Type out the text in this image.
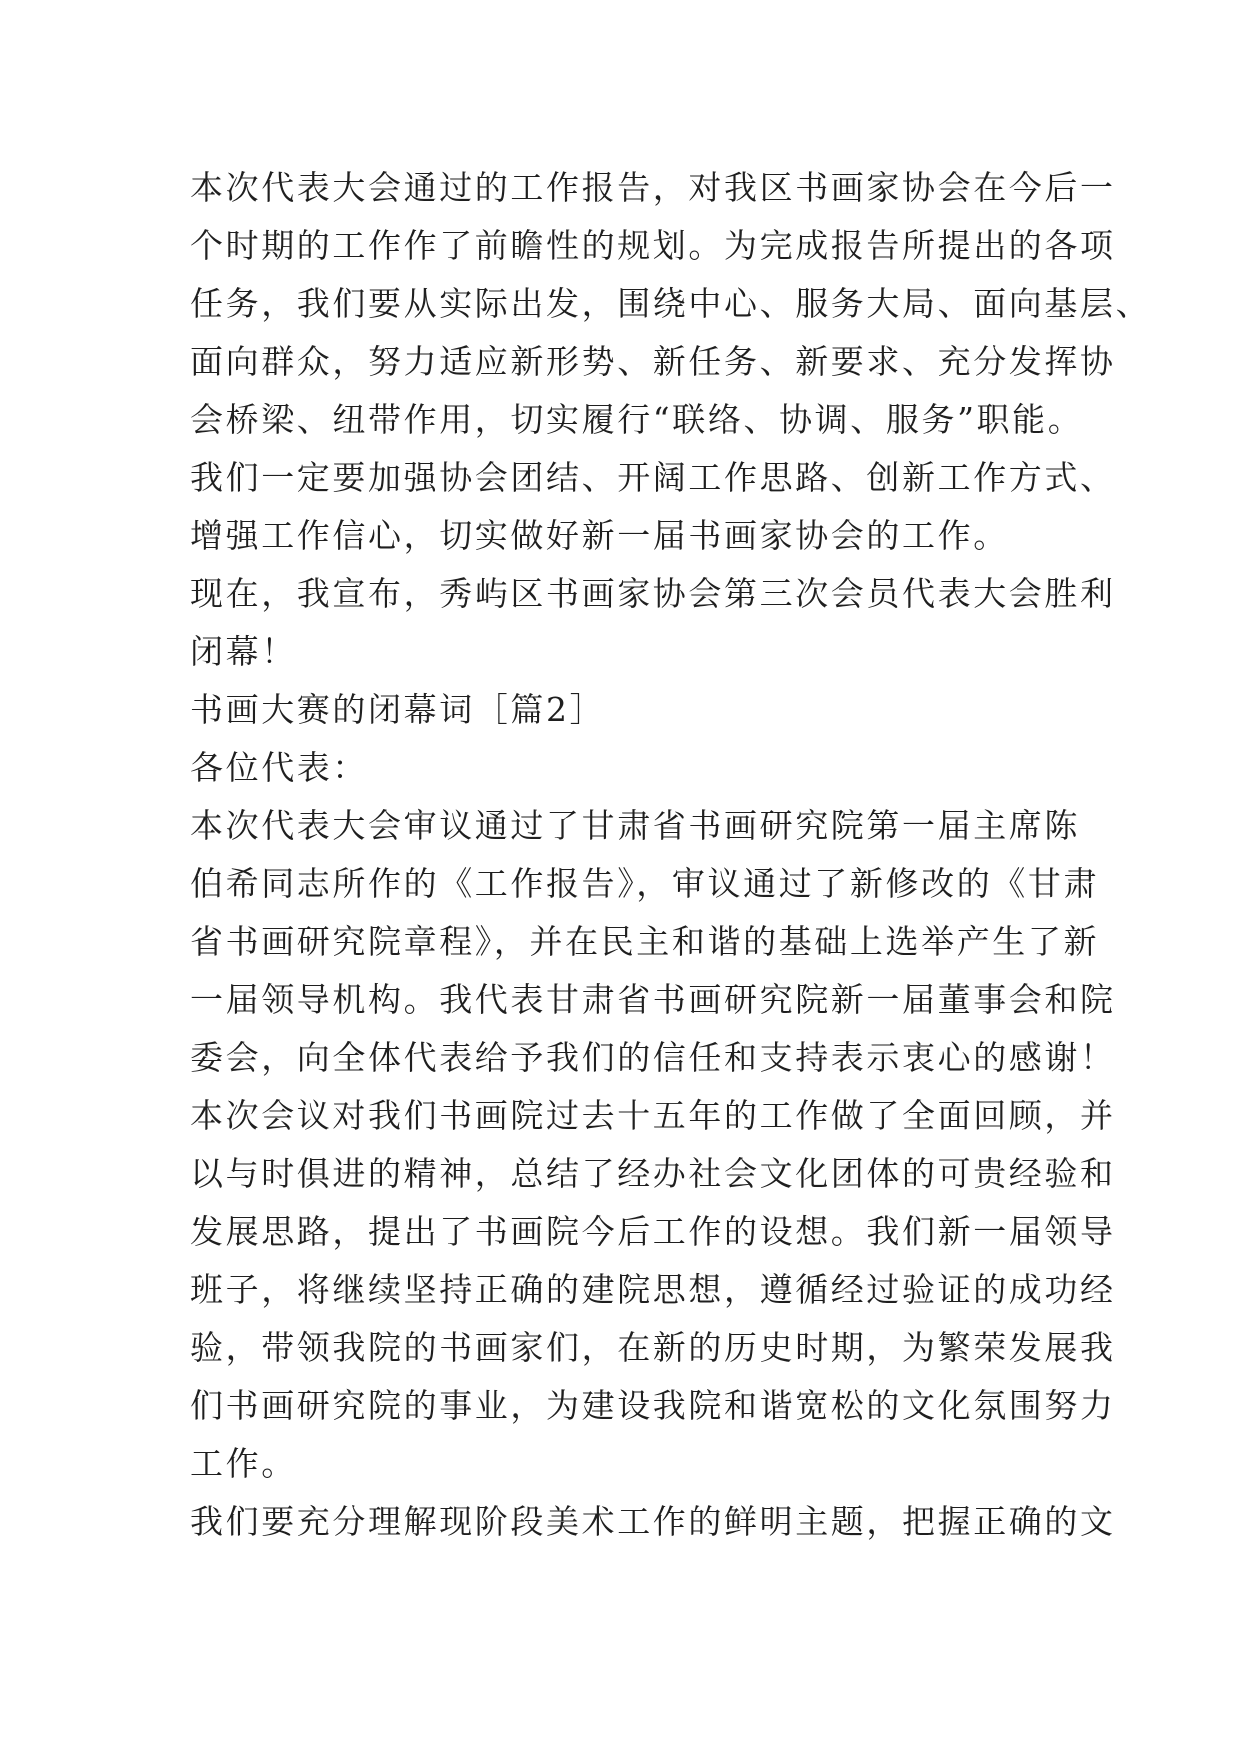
本次代表大会通过的工作报告，对我区书画家协会在今后一
个时期的工作作了前瞻性的规划。为完成报告所提出的各项
任务，我们要从实际出发，围绕中心、服务大局、面向基层、
面向群众，努力适应新形势、新任务、新要求、充分发挥协
会桥梁、纽带作用，切实履行“联络、协调、服务”职能。
我们一定要加强协会团结、开阔工作思路、创新工作方式、
增强工作信心，切实做好新一届书画家协会的工作。
现在，我宣布，秀屿区书画家协会第三次会员代表大会胜利
闭幕！
书画大赛的闭幕词［篇2］
各位代表：
本次代表大会审议通过了甘肃省书画研究院第一届主席陈
伯希同志所作的《工作报告》，审议通过了新修改的《甘肃
省书画研究院章程》，并在民主和谐的基础上选举产生了新
一届领导机构。我代表甘肃省书画研究院新一届董事会和院
委会，向全体代表给予我们的信任和支持表示衷心的感谢！
本次会议对我们书画院过去十五年的工作做了全面回顾，并
以与时俱进的精神，总结了经办社会文化团体的可贵经验和
发展思路，提出了书画院今后工作的设想。我们新一届领导
班子，将继续坚持正确的建院思想，遵循经过验证的成功经
验，带领我院的书画家们，在新的历史时期，为繁荣发展我
们书画研究院的事业，为建设我院和谐宽松的文化氛围努力
工作。
我们要充分理解现阶段美术工作的鲜明主题，把握正确的文
